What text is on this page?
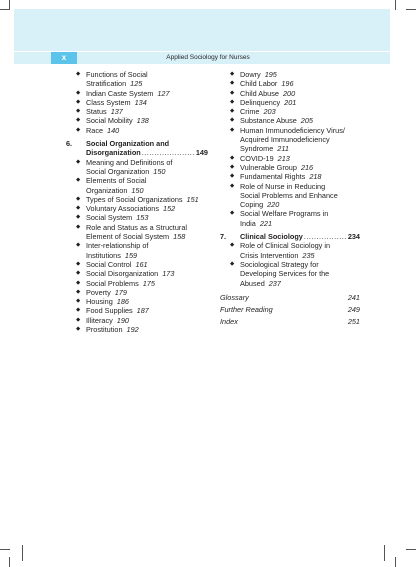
x	Applied Sociology for Nurses
◆ Functions of Social
Stratification 125
◆ Indian Caste System 127
◆ Class System 134
◆ Status 137
◆ Social Mobility 138
◆ Race 140
6. Social Organization and
Disorganization .....	149
◆ Meaning and Definitions of
Social Organization 150
◆ Elements of Social
Organization 150
◆ Types of Social Organizations 151
◆ Voluntary Associations 152
◆ Social System 153
◆ Role and Status as a Structural
Element of Social System 158
◆ Inter-relationship of
Institutions 159
◆ Social Control 161
◆ Social Disorganization 173
◆ Social Problems 175
◆ Poverty 179
◆ Housing 186
◆ Food Supplies 187
◆ Illiteracy 190
◆ Prostitution 192
◆ Dowry 195
◆ Child Labor 196
◆ Child Abuse 200
◆ Delinquency 201
◆ Crime 203
◆ Substance Abuse 205
◆ Human Immunodeficiency Virus/
Acquired Immunodeficiency
Syndrome 211
◆ COVID-19 213
◆ Vulnerable Group 216
◆ Fundamental Rights 218
◆ Role of Nurse in Reducing
Social Problems and Enhance
Coping 220
◆ Social Welfare Programs in
India 221
7. Clinical Sociology .....	234
◆ Role of Clinical Sociology in
Crisis Intervention 235
◆ Sociological Strategy for
Developing Services for the
Abused 237
Glossary	241
Further Reading	249
Index	251
